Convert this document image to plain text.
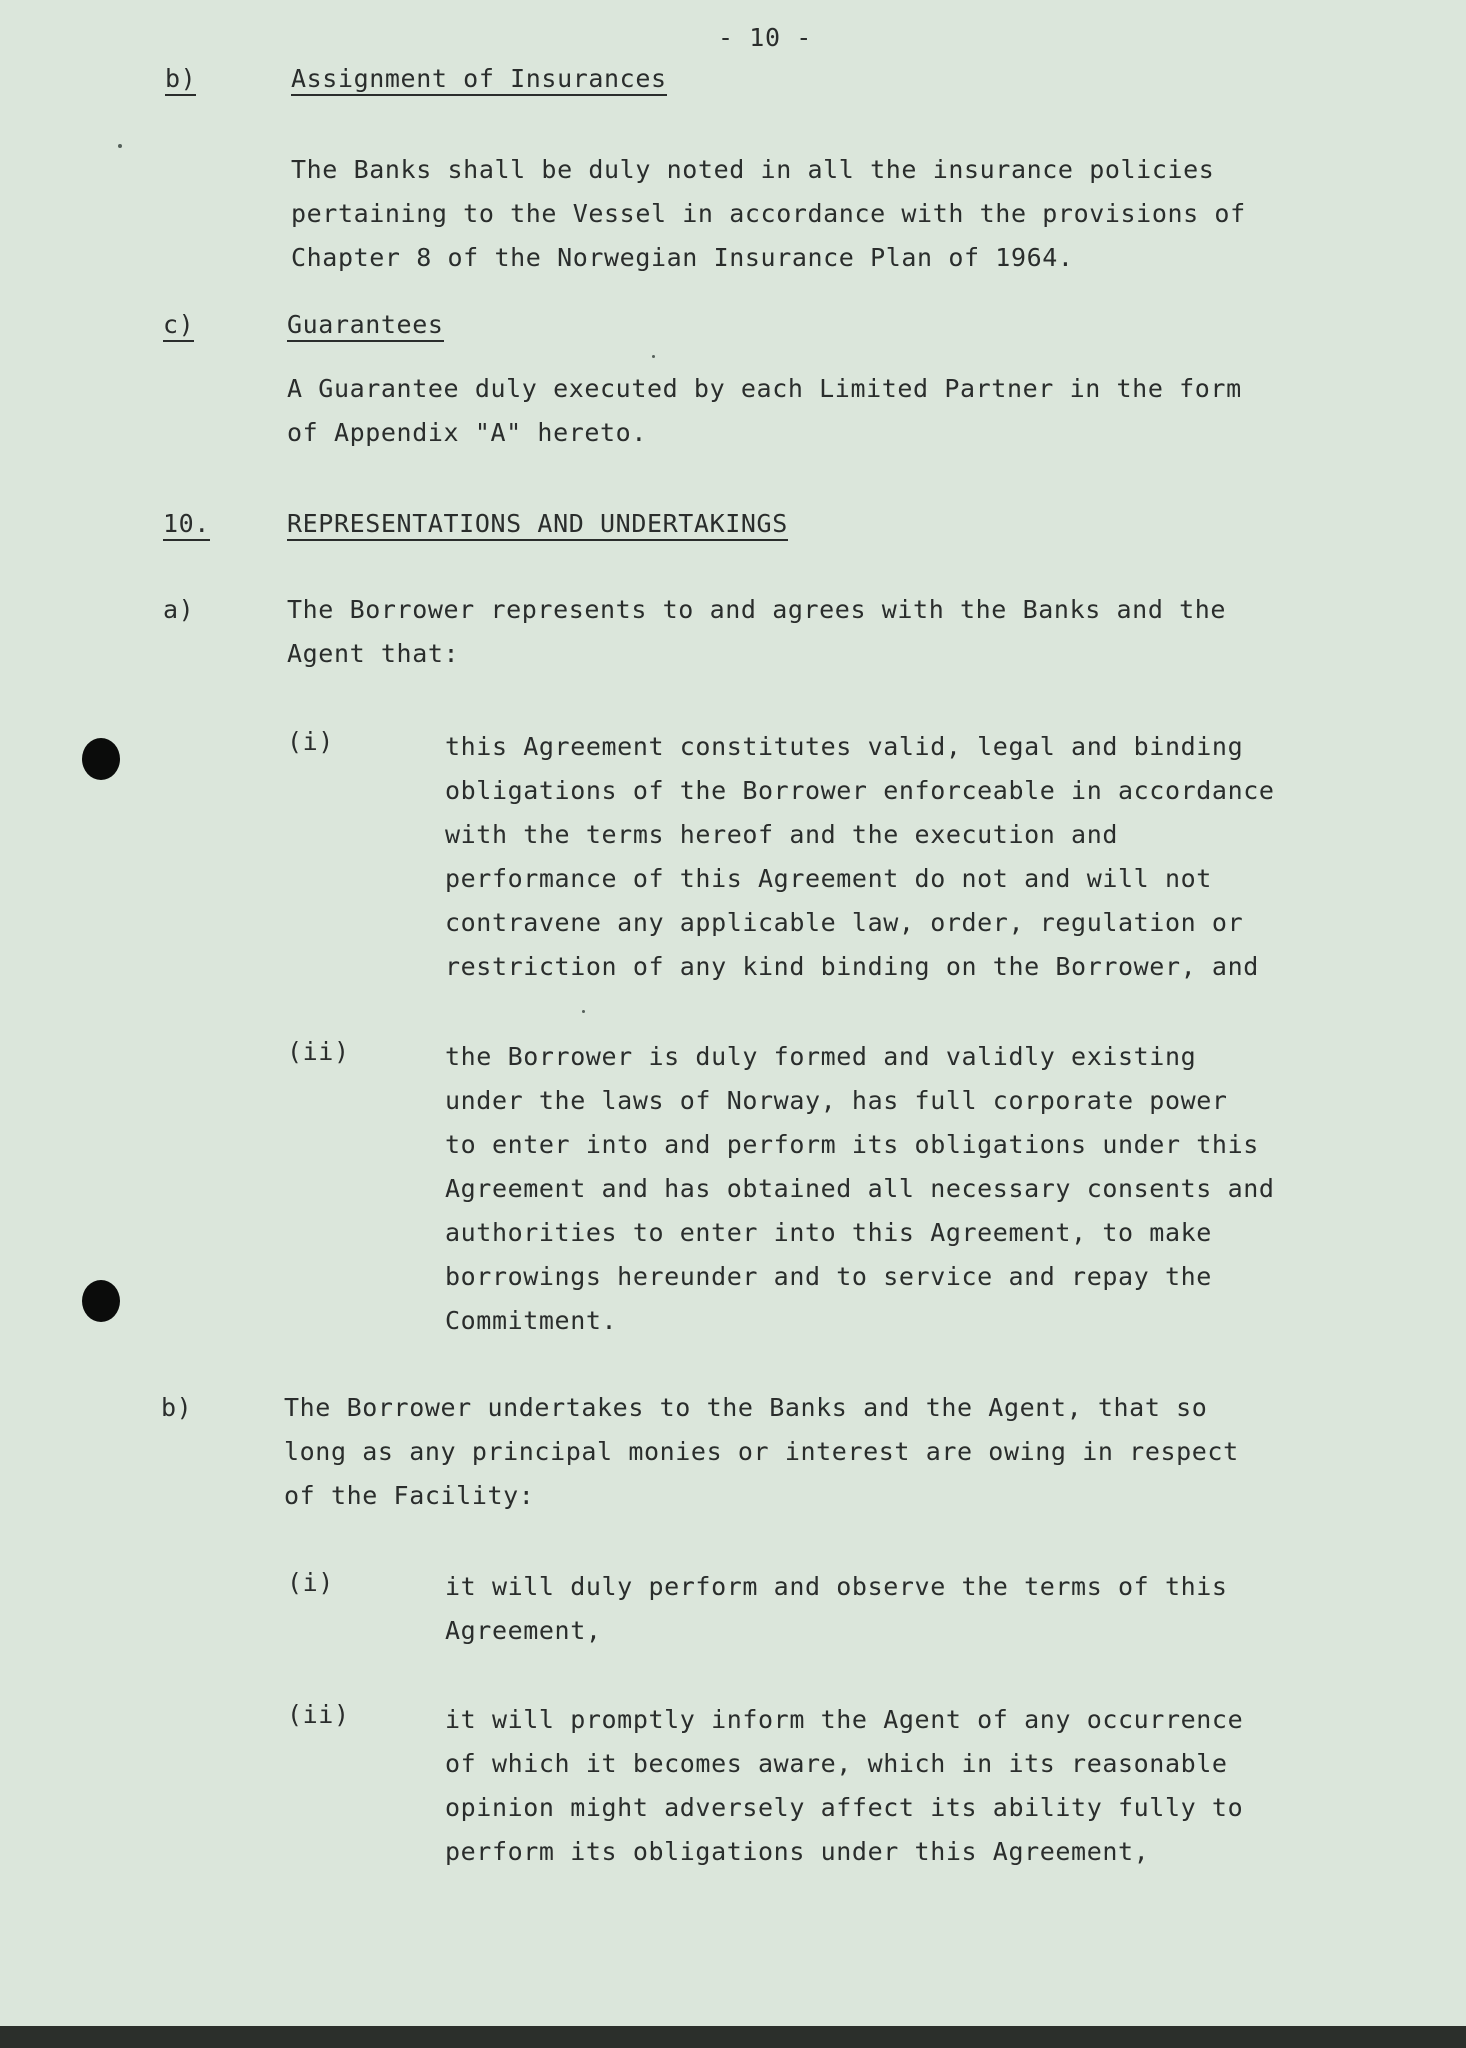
- 10 -
b)	Assignment of Insurances
The Banks shall be duly noted in all the insurance policies
pertaining to the Vessel in accordance with the provisions of
Chapter 8 of the Norwegian Insurance Plan of 1964.
c)	Guarantees
A Guarantee duly executed by each Limited Partner in the form
of Appendix "A" hereto.
10.	REPRESENTATIONS AND UNDERTAKINGS
a)	The Borrower represents to and agrees with the Banks and the
Agent that:
(i)	this Agreement constitutes valid, legal and binding
obligations of the Borrower enforceable in accordance
with the terms hereof and the execution and
performance of this Agreement do not and will not
contravene any applicable law, order, regulation or
restriction of any kind binding on the Borrower, and
(ii)	the Borrower is duly formed and validly existing
under the laws of Norway, has full corporate power
to enter into and perform its obligations under this
Agreement and has obtained all necessary consents and
authorities to enter into this Agreement, to make
borrowings hereunder and to service and repay the
Commitment.
b)	The Borrower undertakes to the Banks and the Agent, that so
long as any principal monies or interest are owing in respect
of the Facility:
(i)	it will duly perform and observe the terms of this
Agreement,
(ii)	it will promptly inform the Agent of any occurrence
of which it becomes aware, which in its reasonable
opinion might adversely affect its ability fully to
perform its obligations under this Agreement,
